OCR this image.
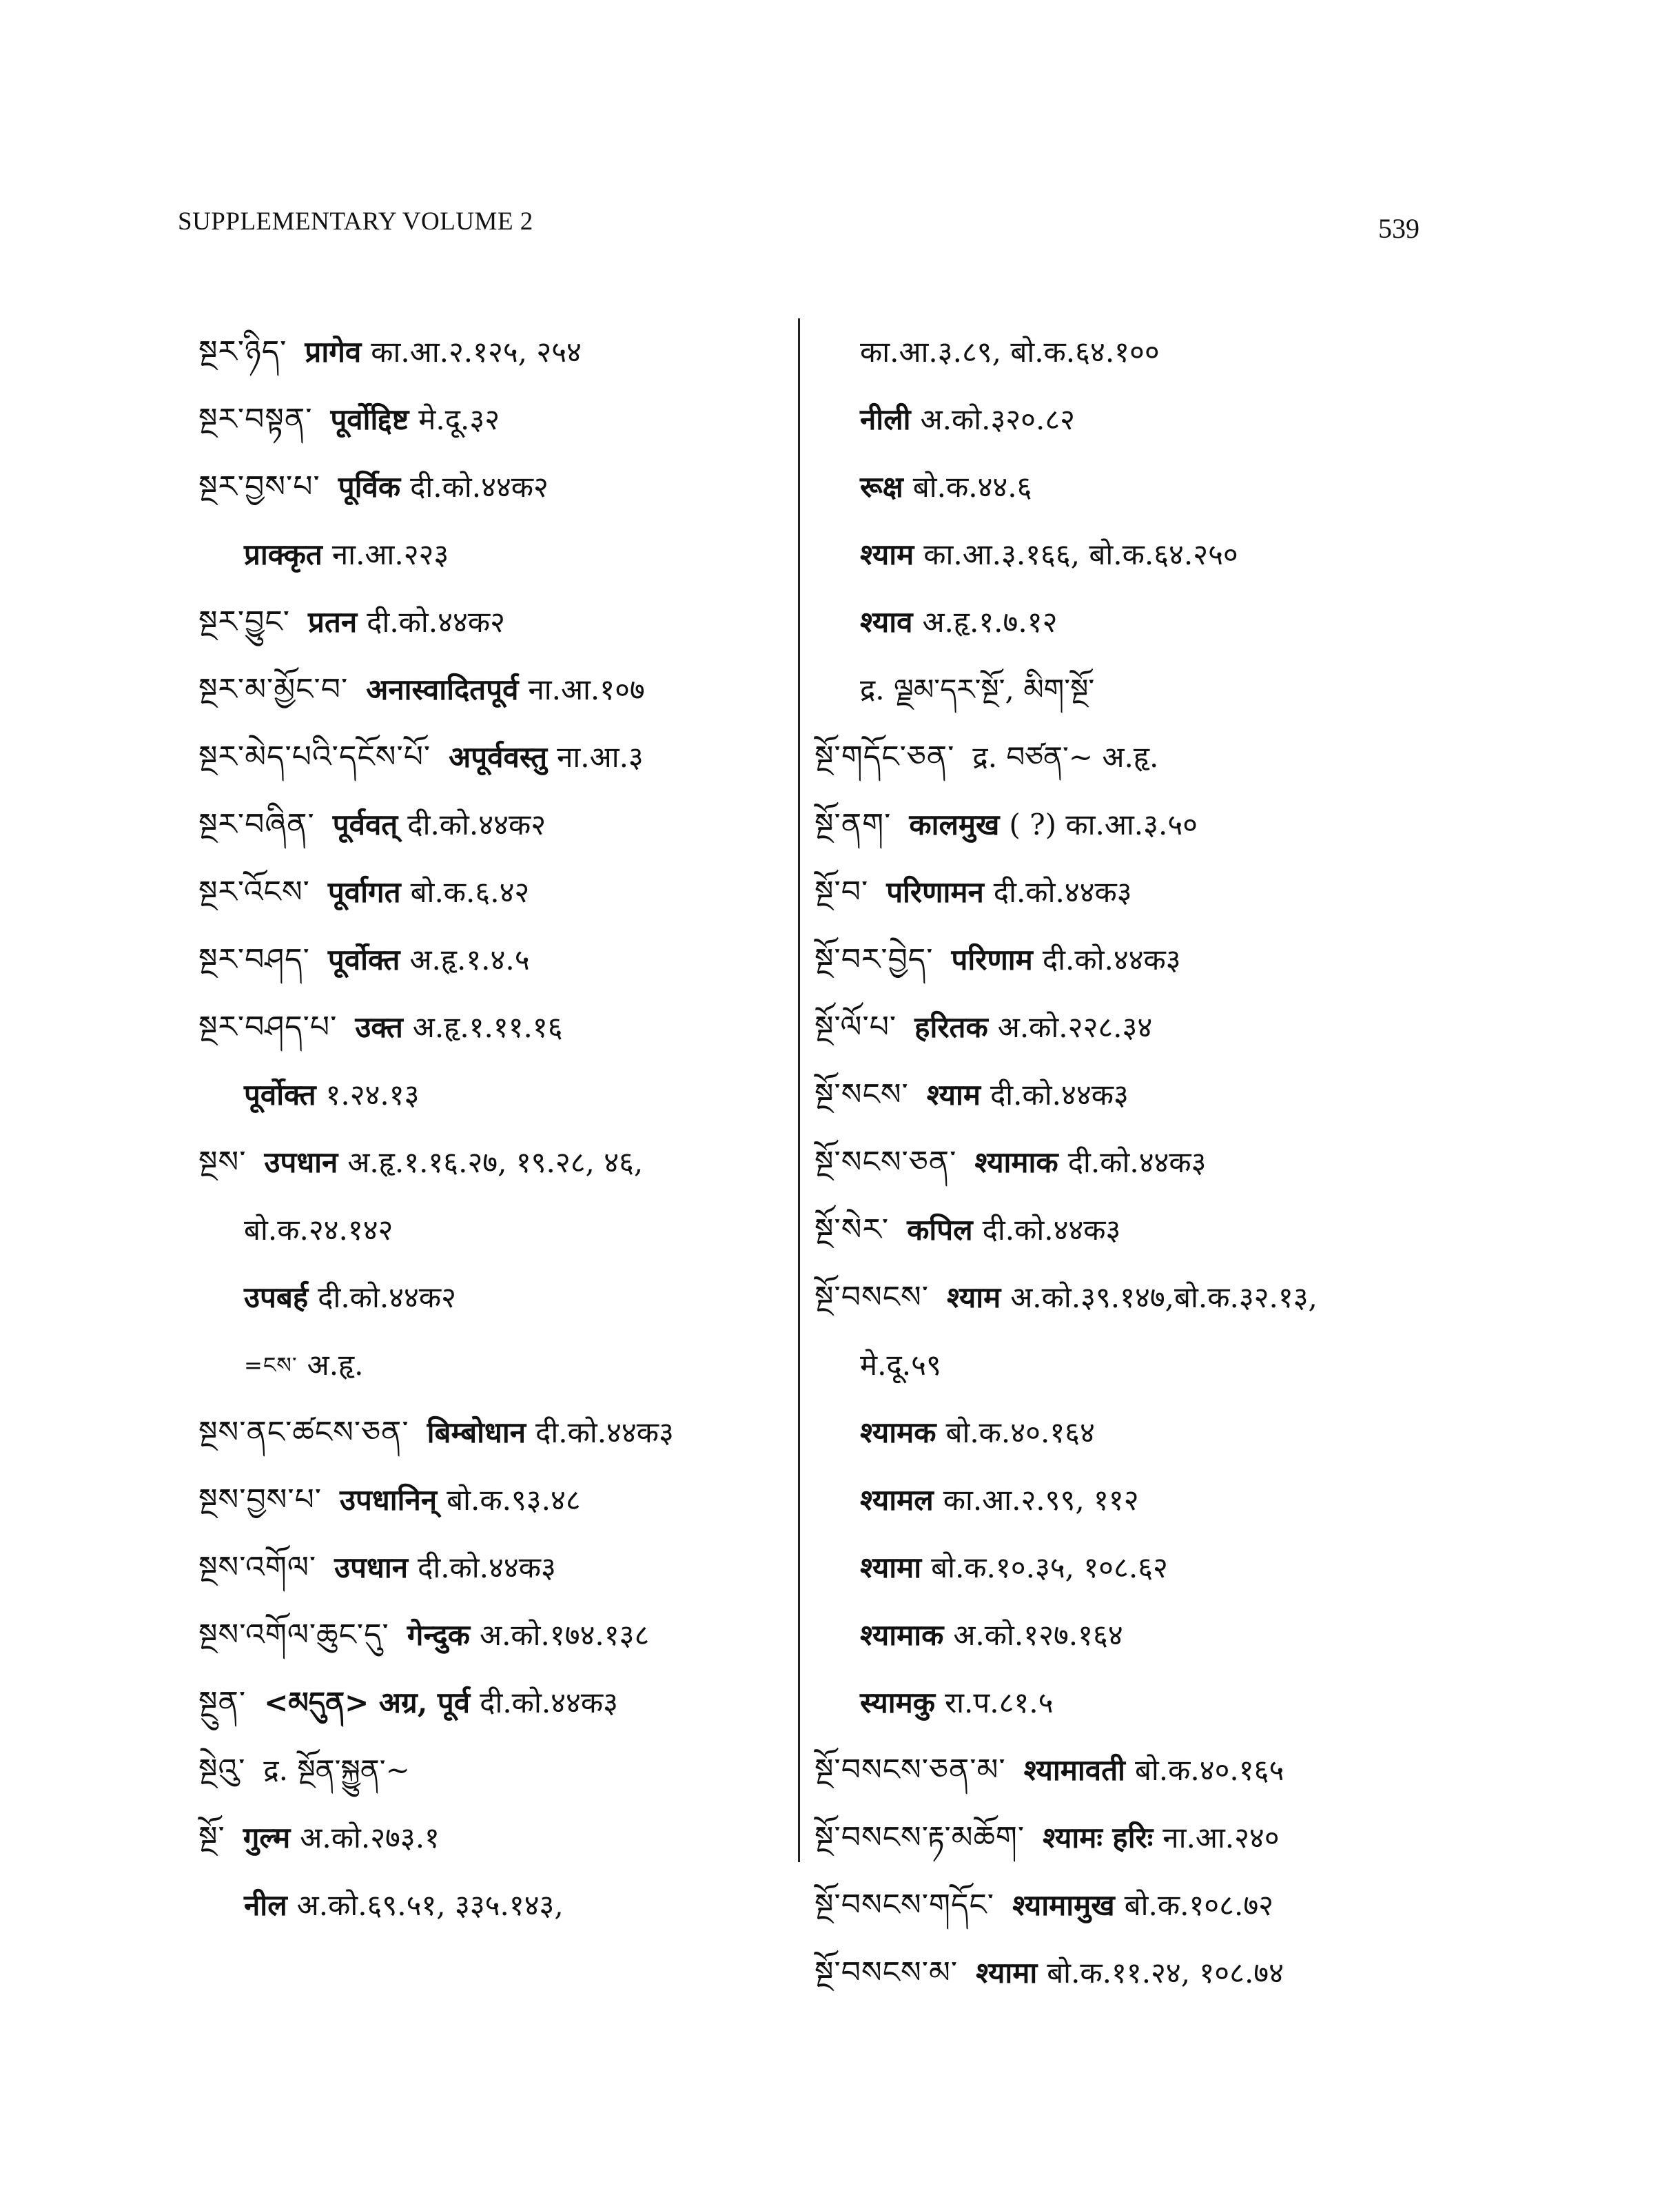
SUPPLEMENTARY VOLUME 2	539
སྔར་ཉིད་ प्रागेव का.आ.२.१२५, २५४
སྔར་བསྟན་ पूर्वोद्दिष्ट मे.दू.३२
སྔར་བྱས་པ་ पूर्विक दी.को.४४क२
प्राक्कृत ना.आ.२२३
སྔར་བྱུང་ प्रतन दी.को.४४क२
སྔར་མ་མྱོང་བ་ अनास्वादितपूर्व ना.आ.१०७
སྔར་མེད་པའི་དངོས་པོ་ अपूर्ववस्तु ना.आ.३
སྔར་བཞིན་ पूर्ववत् दी.को.४४क२
སྔར་འོངས་ पूर्वागत बो.क.६.४२
སྔར་བཤད་ पूर्वोक्त अ.हृ.१.४.५
སྔར་བཤད་པ་ उक्त अ.हृ.१.११.१६
पूर्वोक्त १.२४.१३
སྔས་ उपधान अ.हृ.१.१६.२७, १९.२८, ४६,
बो.क.२४.१४२
उपबर्ह दी.को.४४क२
=ངས་ अ.हृ.
སྔས་ནང་ཚངས་ཅན་ बिम्बोधान दी.को.४४क३
སྔས་བྱས་པ་ उपधानिन् बो.क.९३.४८
སྔས་འགོལ་ उपधान दी.को.४४क३
སྔས་འགོལ་ཆུང་དུ་ गेन्दुक अ.को.१७४.१३८
སྔུན་ <མདུན> अग्र, पूर्व दी.को.४४क३
སྔེའུ་ द्र. སྔོན་སྐྱུན་~
སྔོ་ गुल्म अ.को.२७३.१
नील अ.को.६९.५१, ३३५.१४३,
का.आ.३.८९, बो.क.६४.१००
नीली अ.को.३२०.८२
रूक्ष बो.क.४४.६
श्याम का.आ.३.१६६, बो.क.६४.२५०
श्याव अ.हृ.१.७.१२
द्र. ལྗམ་དར་སྔོ་, མིག་སྔོ་
སྔོ་གདོང་ཅན་ द्र. བཙན་~ अ.हृ.
སྔོ་ནག་ कालमुख ( ?) का.आ.३.५०
སྔོ་བ་ परिणामन दी.को.४४क३
སྔོ་བར་བྱེད་ परिणाम दी.को.४४क३
སྔོ་ལོ་པ་ हरितक अ.को.२२८.३४
སྔོ་སངས་ श्याम दी.को.४४क३
སྔོ་སངས་ཅན་ श्यामाक दी.को.४४क३
སྔོ་སེར་ कपिल दी.को.४४क३
སྔོ་བསངས་ श्याम अ.को.३९.१४७,बो.क.३२.१३,
मे.दू.५९
श्यामक बो.क.४०.१६४
श्यामल का.आ.२.९९, ११२
श्यामा बो.क.१०.३५, १०८.६२
श्यामाक अ.को.१२७.१६४
स्यामकु रा.प.८१.५
སྔོ་བསངས་ཅན་མ་ श्यामावती बो.क.४०.१६५
སྔོ་བསངས་རྟ་མཆོག་ श्यामः हरिः ना.आ.२४०
སྔོ་བསངས་གདོང་ श्यामामुख बो.क.१०८.७२
སྔོ་བསངས་མ་ श्यामा बो.क.११.२४, १०८.७४
